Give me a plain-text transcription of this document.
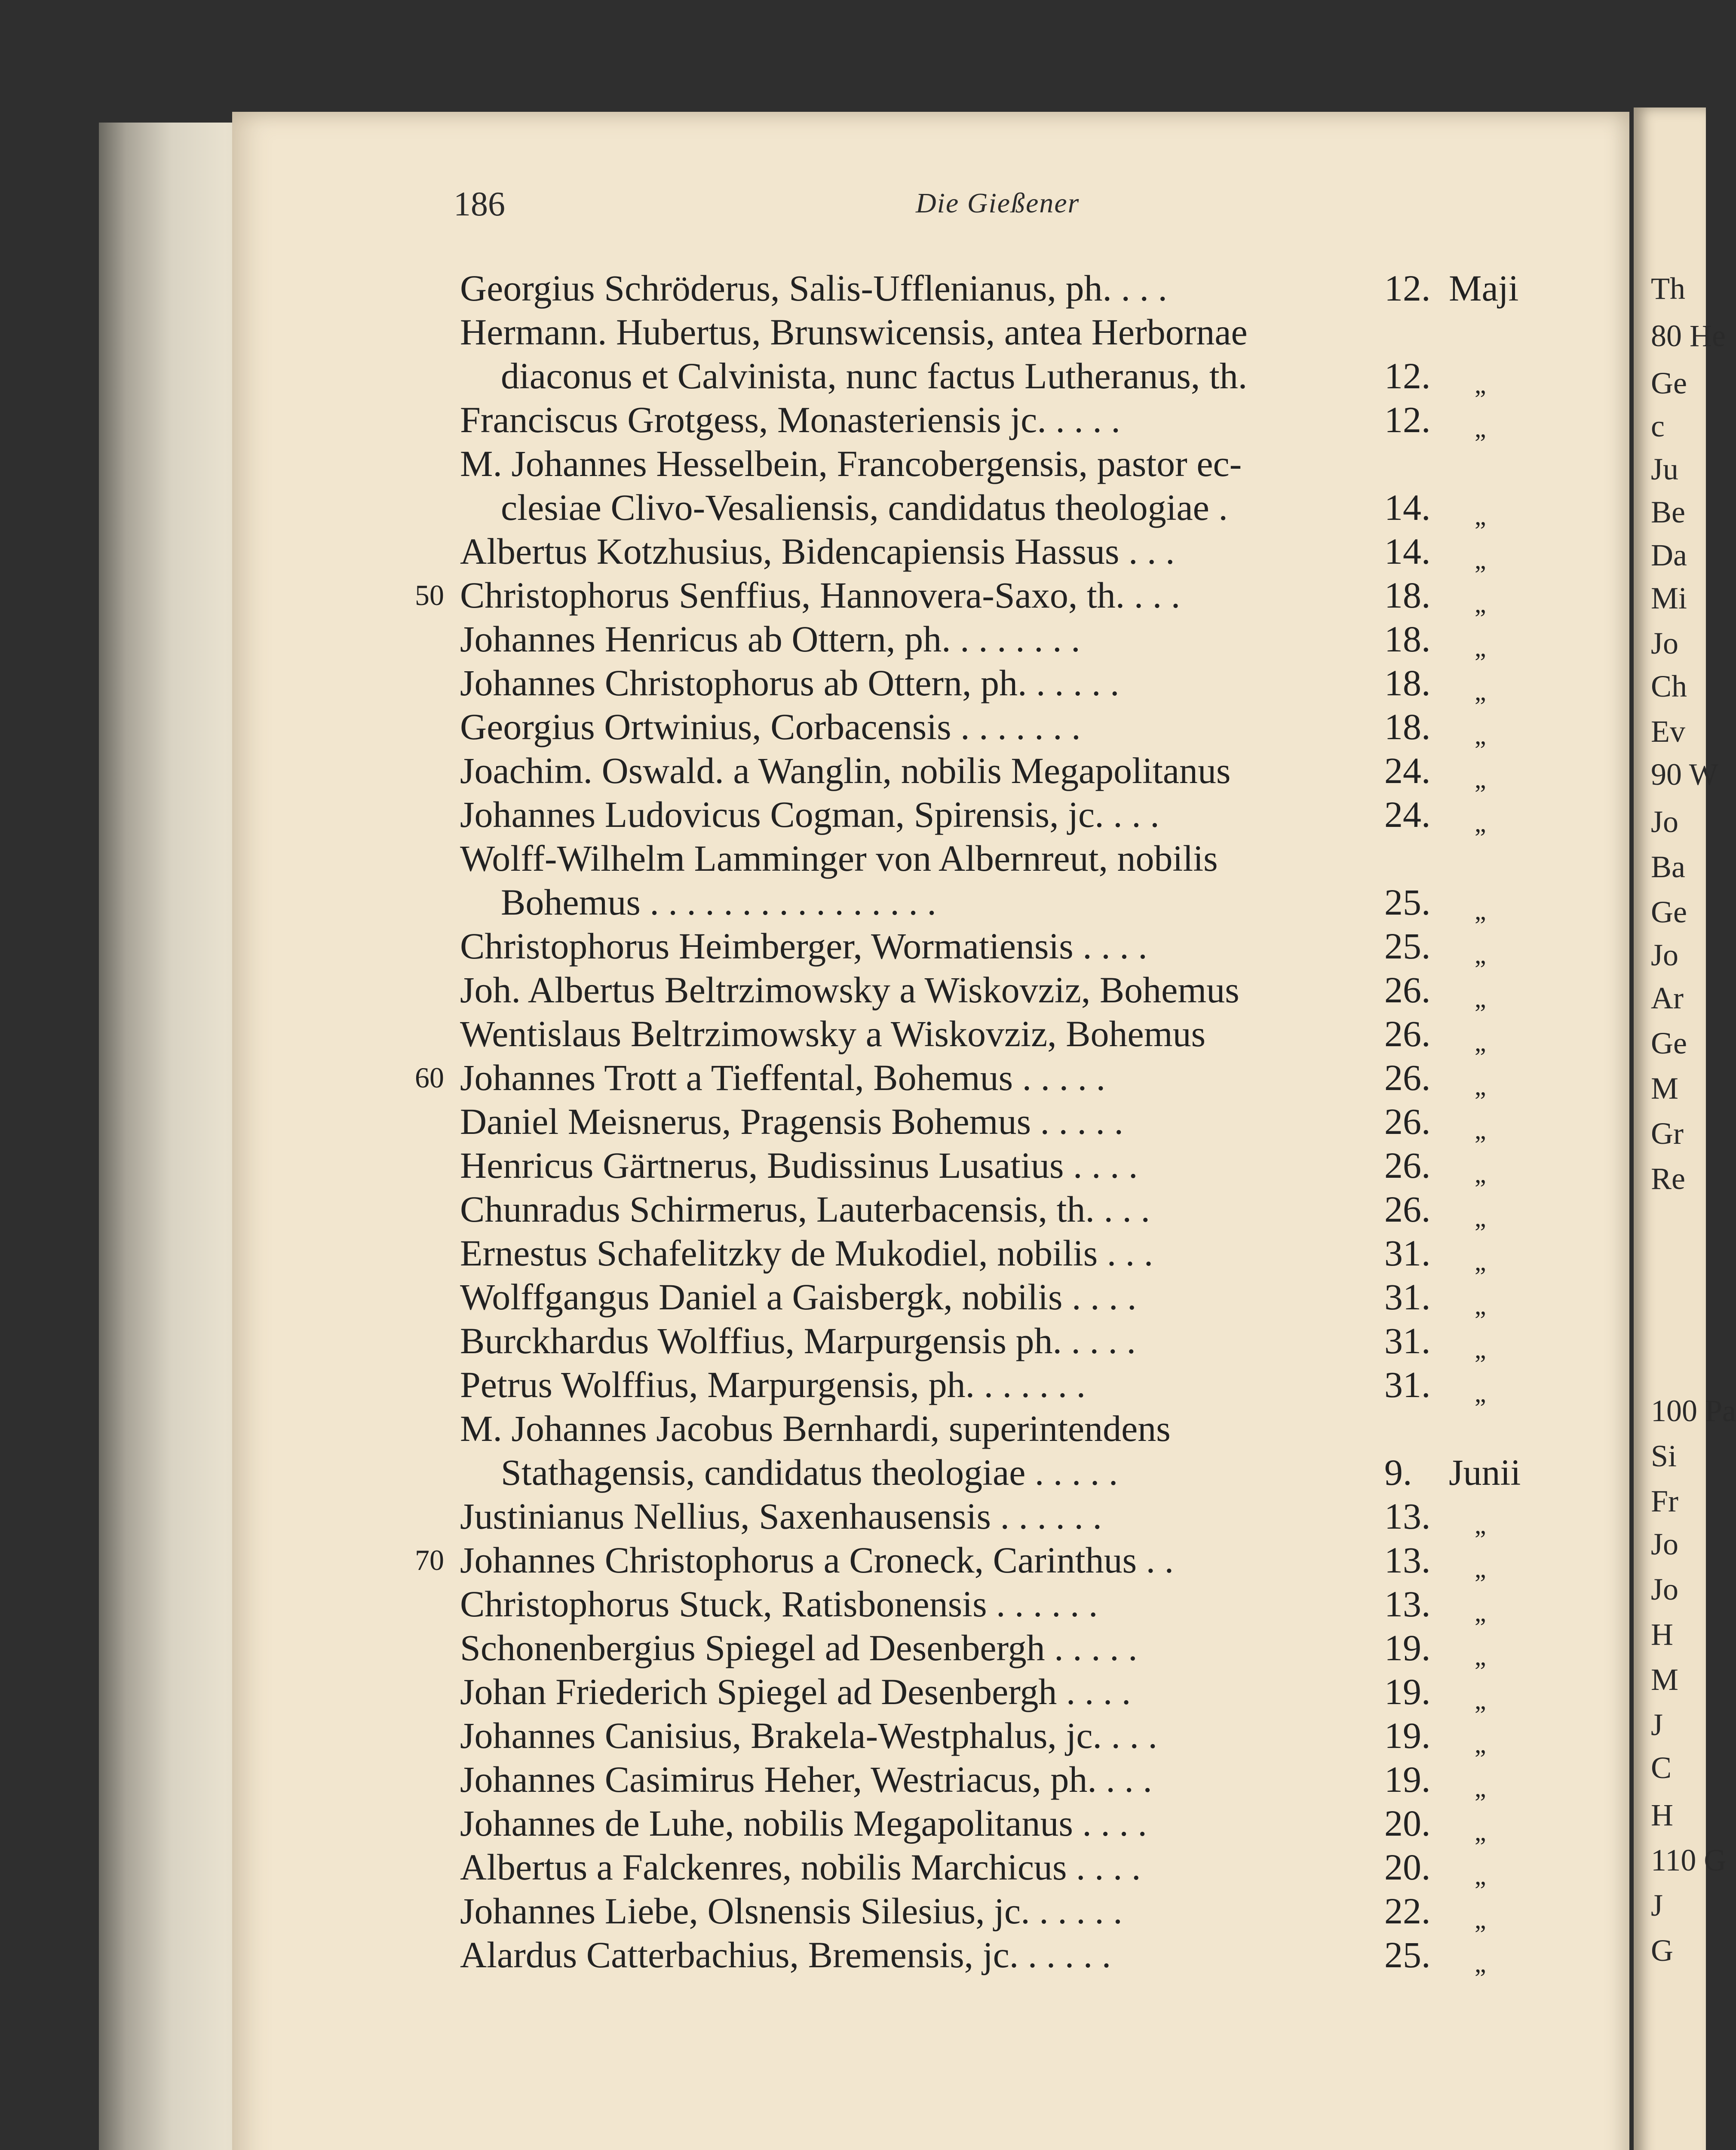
186	Die Gießener
Georgius Schröderus, Salis-Ufflenianus, ph. . . .	12. Maji
Hermann. Hubertus, Brunswicensis, antea Herbornae
diaconus et Calvinista, nunc factus Lutheranus, th.	12. „
Franciscus Grotgess, Monasteriensis jc. . . . .	12. „
M. Johannes Hesselbein, Francobergensis, pastor ec-
clesiae Clivo-Vesaliensis, candidatus theologiae .	14. „
Albertus Kotzhusius, Bidencapiensis Hassus . . .	14. „
50 Christophorus Senffius, Hannovera-Saxo, th. . . .	18. „
Johannes Henricus ab Ottern, ph. . . . . . . .	18. „
Johannes Christophorus ab Ottern, ph. . . . . .	18. „
Georgius Ortwinius, Corbacensis . . . . . . .	18. „
Joachim. Oswald. a Wanglin, nobilis Megapolitanus	24. „
Johannes Ludovicus Cogman, Spirensis, jc. . . .	24. „
Wolff-Wilhelm Lamminger von Albernreut, nobilis
Bohemus . . . . . . . . . . . . . . . .	25. „
Christophorus Heimberger, Wormatiensis . . . .	25. „
Joh. Albertus Beltrzimowsky a Wiskovziz, Bohemus	26. „
Wentislaus Beltrzimowsky a Wiskovziz, Bohemus	26. „
60 Johannes Trott a Tieffental, Bohemus . . . . .	26. „
Daniel Meisnerus, Pragensis Bohemus . . . . .	26. „
Henricus Gärtnerus, Budissinus Lusatius . . . .	26. „
Chunradus Schirmerus, Lauterbacensis, th. . . .	26. „
Ernestus Schafelitzky de Mukodiel, nobilis . . .	31. „
Wolffgangus Daniel a Gaisbergk, nobilis . . . .	31. „
Burckhardus Wolffius, Marpurgensis ph. . . . .	31. „
Petrus Wolffius, Marpurgensis, ph. . . . . . .	31. „
M. Johannes Jacobus Bernhardi, superintendens
Stathagensis, candidatus theologiae . . . . .	9. Junii
Justinianus Nellius, Saxenhausensis . . . . . .	13. „
70 Johannes Christophorus a Croneck, Carinthus . .	13. „
Christophorus Stuck, Ratisbonensis . . . . . .	13. „
Schonenbergius Spiegel ad Desenbergh . . . . .	19. „
Johan Friederich Spiegel ad Desenbergh . . . .	19. „
Johannes Canisius, Brakela-Westphalus, jc. . . .	19. „
Johannes Casimirus Heher, Westriacus, ph. . . .	19. „
Johannes de Luhe, nobilis Megapolitanus . . . .	20. „
Albertus a Falckenres, nobilis Marchicus . . . .	20. „
Johannes Liebe, Olsnensis Silesius, jc. . . . . .	22. „
Alardus Catterbachius, Bremensis, jc. . . . . .	25. „
Th
80 He
Ge
c
Ju
Be
Da
Mi
Jo
Ch
Ev
90 W
Jo
Ba
Ge
Jo
Ar
Ge
M
Gr
Re
100 Pa
Si
Fr
Jo
Jo
H
M
J
C
H
110 G
J
G
